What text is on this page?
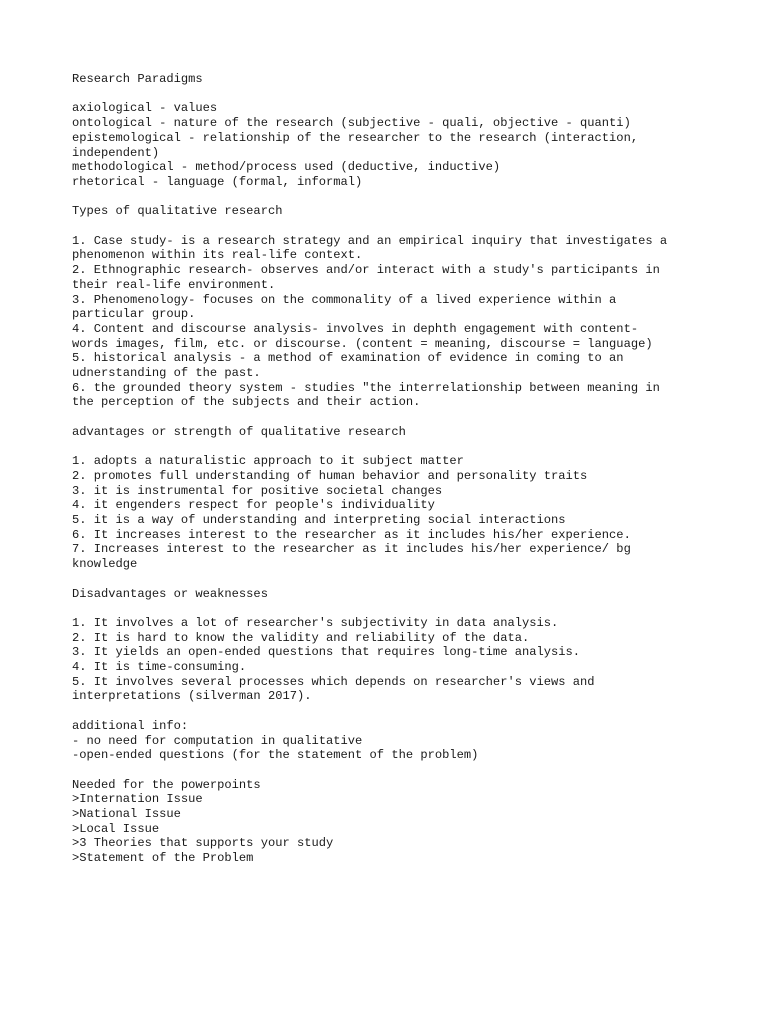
Research Paradigms
axiological - values
ontological - nature of the research (subjective - quali, objective - quanti)
epistemological - relationship of the researcher to the research (interaction,
independent)
methodological - method/process used (deductive, inductive)
rhetorical - language (formal, informal)
Types of qualitative research
1. Case study- is a research strategy and an empirical inquiry that investigates a
phenomenon within its real-life context.
2. Ethnographic research- observes and/or interact with a study's participants in
their real-life environment.
3. Phenomenology- focuses on the commonality of a lived experience within a
particular group.
4. Content and discourse analysis- involves in dephth engagement with content-
words images, film, etc. or discourse. (content = meaning, discourse = language)
5. historical analysis - a method of examination of evidence in coming to an
udnerstanding of the past.
6. the grounded theory system - studies "the interrelationship between meaning in
the perception of the subjects and their action.
advantages or strength of qualitative research
1. adopts a naturalistic approach to it subject matter
2. promotes full understanding of human behavior and personality traits
3. it is instrumental for positive societal changes
4. it engenders respect for people's individuality
5. it is a way of understanding and interpreting social interactions
6. It increases interest to the researcher as it includes his/her experience.
7. Increases interest to the researcher as it includes his/her experience/ bg
knowledge
Disadvantages or weaknesses
1. It involves a lot of researcher's subjectivity in data analysis.
2. It is hard to know the validity and reliability of the data.
3. It yields an open-ended questions that requires long-time analysis.
4. It is time-consuming.
5. It involves several processes which depends on researcher's views and
interpretations (silverman 2017).
additional info:
- no need for computation in qualitative
-open-ended questions (for the statement of the problem)
Needed for the powerpoints
>Internation Issue
>National Issue
>Local Issue
>3 Theories that supports your study
>Statement of the Problem
